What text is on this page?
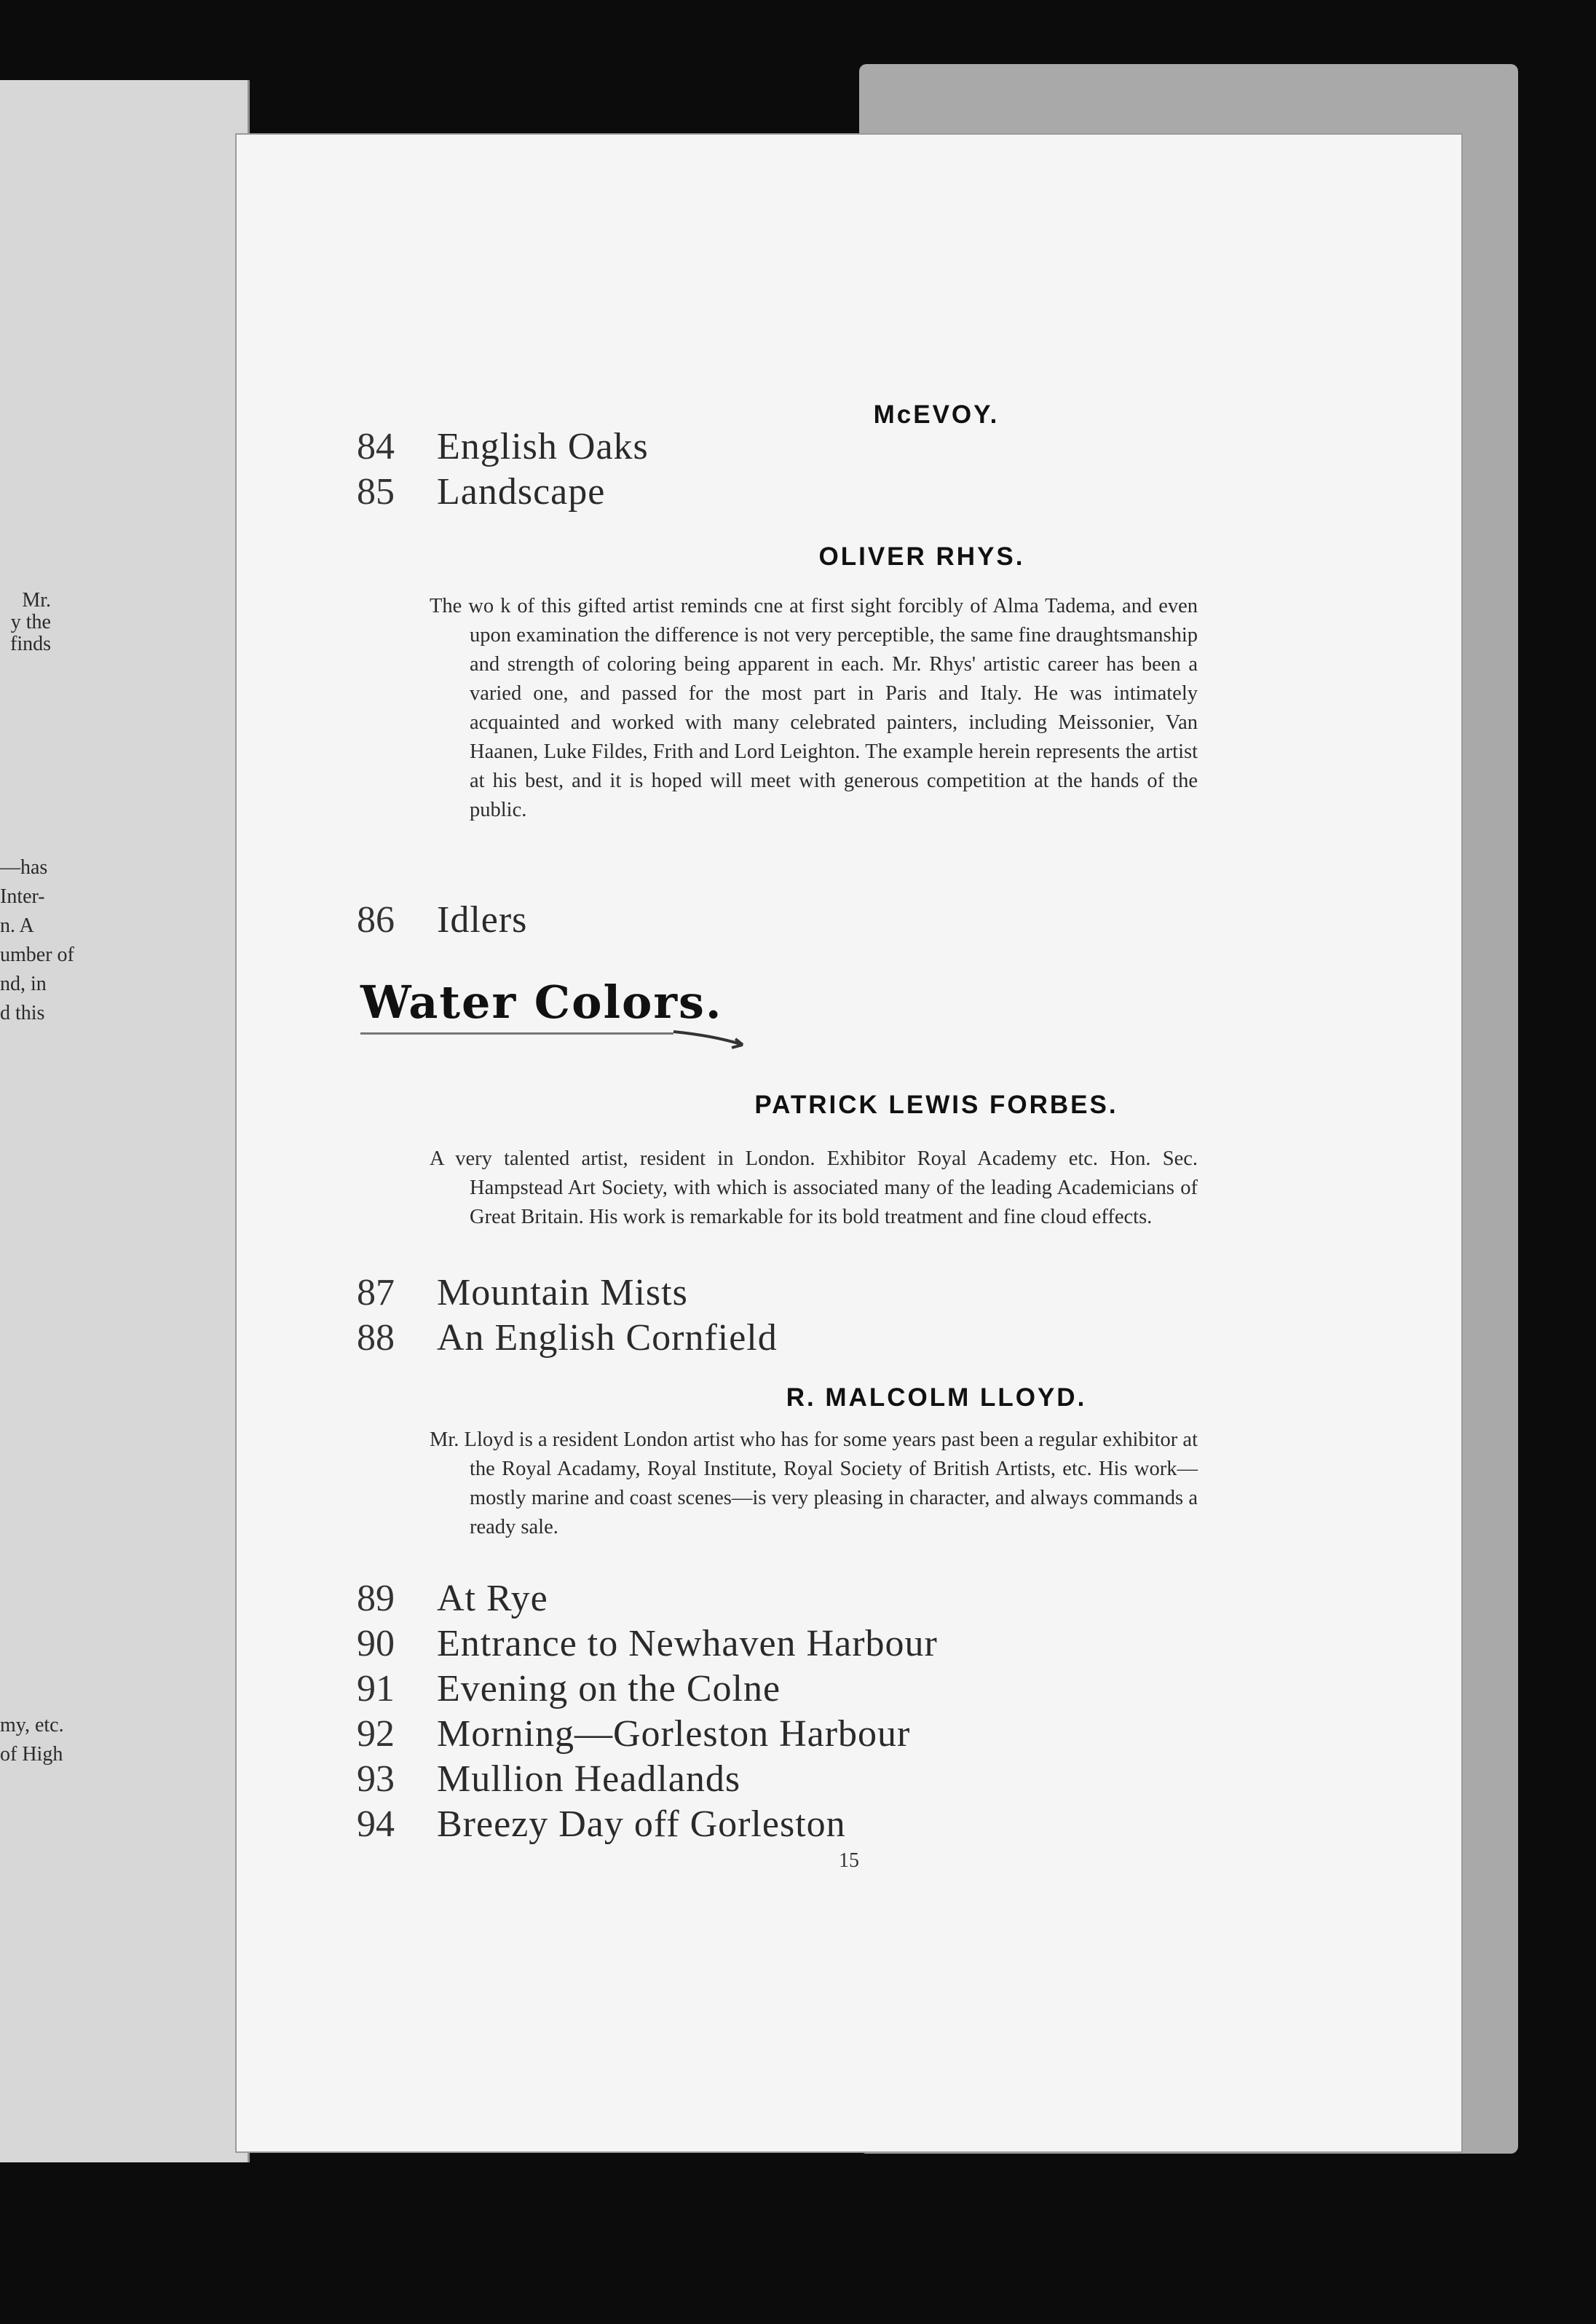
Mr.
y the
finds
—has
Inter-
n. A
umber of
nd, in
d this
my, etc.
of High
McEVOY.
84	English Oaks
85	Landscape
OLIVER RHYS.
The wo k of this gifted artist reminds cne at first sight forcibly of Alma Tadema, and even upon examination the difference is not very perceptible, the same fine draughtsmanship and strength of coloring being apparent in each. Mr. Rhys' artistic career has been a varied one, and passed for the most part in Paris and Italy. He was intimately acquainted and worked with many celebrated painters, including Meissonier, Van Haanen, Luke Fildes, Frith and Lord Leighton. The example herein represents the artist at his best, and it is hoped will meet with generous competition at the hands of the public.
86	Idlers
Water Colors.
PATRICK LEWIS FORBES.
A very talented artist, resident in London. Exhibitor Royal Academy etc. Hon. Sec. Hampstead Art Society, with which is associated many of the leading Academicians of Great Britain. His work is remarkable for its bold treatment and fine cloud effects.
87	Mountain Mists
88	An English Cornfield
R. MALCOLM LLOYD.
Mr. Lloyd is a resident London artist who has for some years past been a regular exhibitor at the Royal Acadamy, Royal Institute, Royal Society of British Artists, etc. His work—mostly marine and coast scenes—is very pleasing in character, and always commands a ready sale.
89	At Rye
90	Entrance to Newhaven Harbour
91	Evening on the Colne
92	Morning—Gorleston Harbour
93	Mullion Headlands
94	Breezy Day off Gorleston
15
